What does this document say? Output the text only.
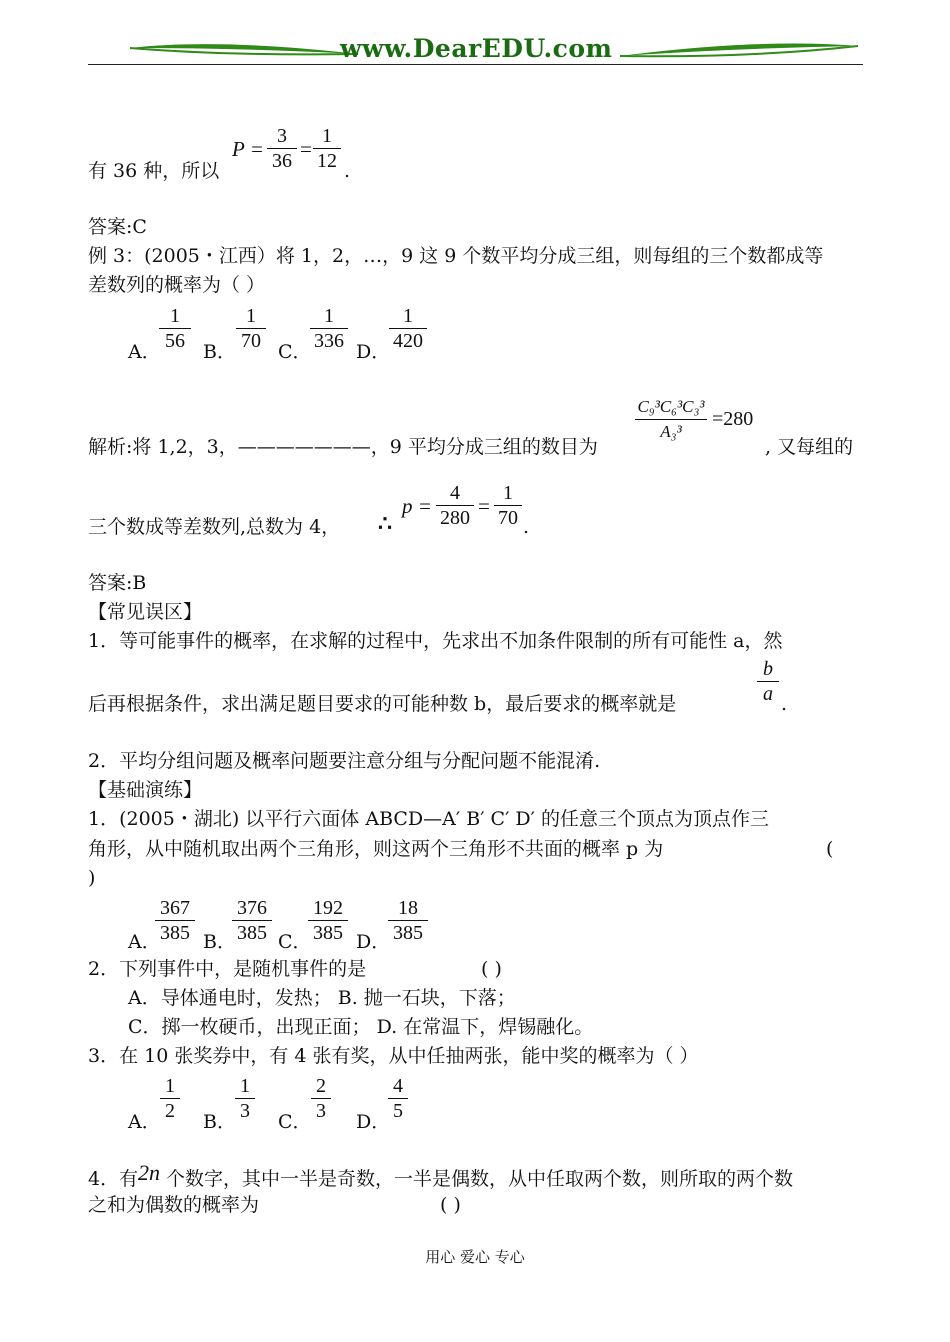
www.DearEDU.com
有 36 种，所以
P =
3
36 =
1
12 .
答案:C
例 3：(2005・江西）将 1，2，…，9 这 9 个数平均分成三组，则每组的三个数都成等
差数列的概率为（ ）
A．
1
56 B．
1
70 C．
1
336 D．
1
420
C₉³C₆³C₃³
A₃³
=280
解析:将 1,2，3，———————，9 平均分成三组的数目为	, 又每组的
三个数成等差数列,总数为 4， ∴
p =
4
280 =
1
70 .
答案:B
【常见误区】
1．等可能事件的概率，在求解的过程中，先求出不加条件限制的所有可能性 a，然
后再根据条件，求出满足题目要求的可能种数 b，最后要求的概率就是
b
a .
2．平均分组问题及概率问题要注意分组与分配问题不能混淆.
【基础演练】
1．(2005・湖北) 以平行六面体 ABCD—A′ B′ C′ D′ 的任意三个顶点为顶点作三
角形，从中随机取出两个三角形，则这两个三角形不共面的概率 p 为	(
)
A．
367
385 B．
376
385 C．
192
385 D．
18
385
2．下列事件中，是随机事件的是	( )
A．导体通电时，发热； B. 抛一石块，下落；
C．掷一枚硬币，出现正面； D. 在常温下，焊锡融化。
3．在 10 张奖券中，有 4 张有奖，从中任抽两张，能中奖的概率为（ ）
A．
1
2 B．
1
3 C．
2
3 D．
4
5
4．有 2n 个数字，其中一半是奇数，一半是偶数，从中任取两个数，则所取的两个数
之和为偶数的概率为	( )
用心 爱心 专心
